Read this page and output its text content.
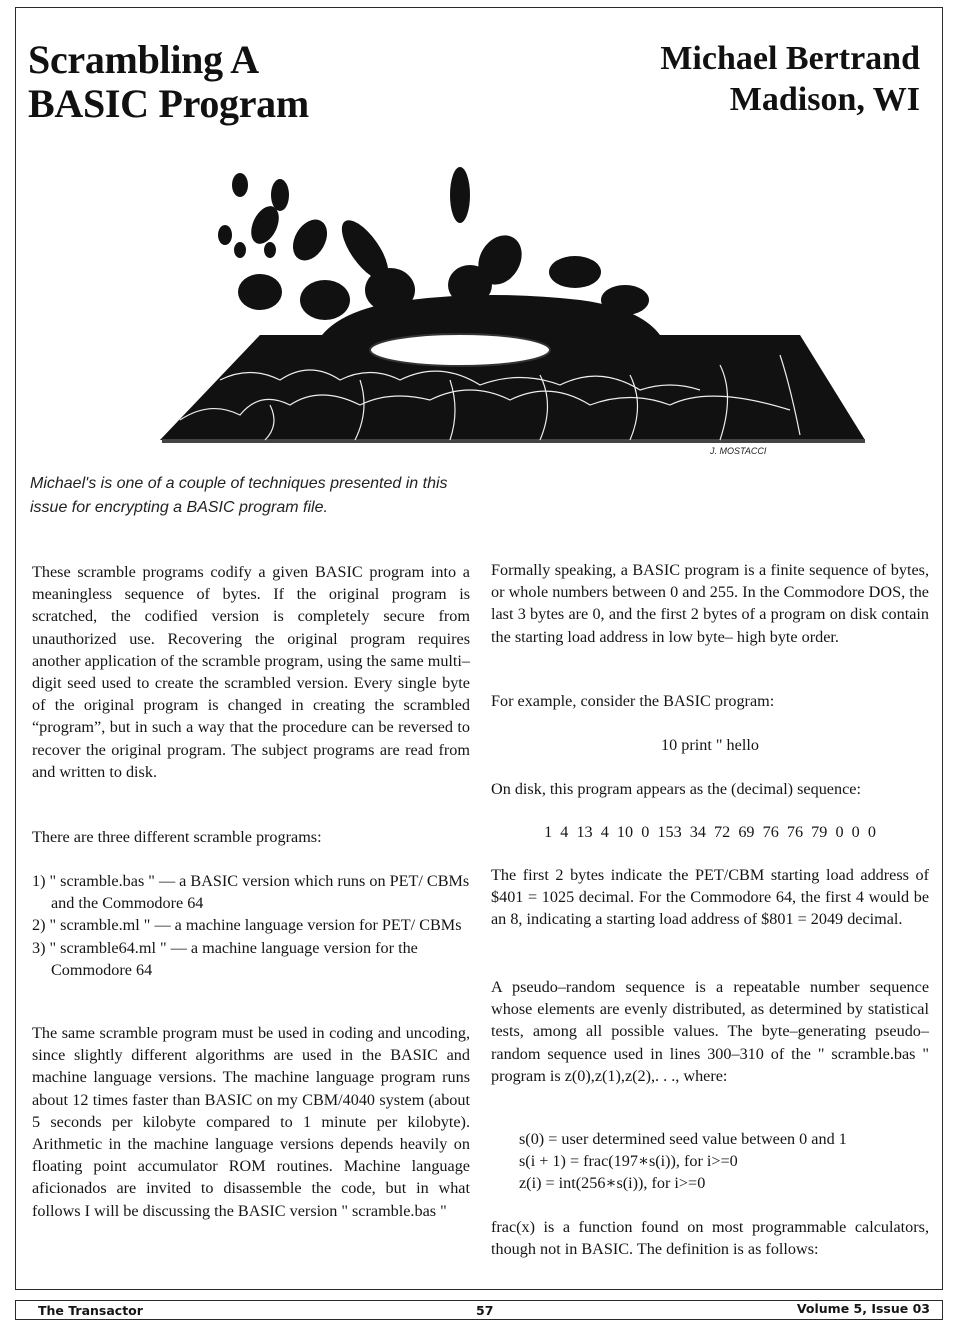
Scrambling A
BASIC Program
Michael Bertrand
Madison, WI
J. MOSTACCI
Michael's is one of a couple of techniques presented in this
issue for encrypting a BASIC program file.

These scramble programs codify a given BASIC program into a meaningless sequence of bytes. If the original program is scratched, the codified version is completely secure from unauthorized use. Recovering the original program requires another application of the scramble program, using the same multi–digit seed used to create the scrambled version. Every single byte of the original program is changed in creating the scrambled “program”, but in such a way that the procedure can be reversed to recover the original program. The subject programs are read from and written to disk.

There are three different scramble programs:

1) " scramble.bas " — a BASIC version which runs on PET/ CBMs and the Commodore 64

2) " scramble.ml " — a machine language version for PET/ CBMs

3) " scramble64.ml " — a machine language version for the Commodore 64

The same scramble program must be used in coding and uncoding, since slightly different algorithms are used in the BASIC and machine language versions. The machine language program runs about 12 times faster than BASIC on my CBM/4040 system (about 5 seconds per kilobyte compared to 1 minute per kilobyte). Arithmetic in the machine language versions depends heavily on floating point accumulator ROM routines. Machine language aficionados are invited to disassemble the code, but in what follows I will be discussing the BASIC version " scramble.bas "

Formally speaking, a BASIC program is a finite sequence of bytes, or whole numbers between 0 and 255. In the Commodore DOS, the last 3 bytes are 0, and the first 2 bytes of a program on disk contain the starting load address in low byte– high byte order.

For example, consider the BASIC program:

10 print " hello

On disk, this program appears as the (decimal) sequence:

1  4  13  4  10  0  153  34  72  69  76  76  79  0  0  0

The first 2 bytes indicate the PET/CBM starting load address of $401 = 1025 decimal. For the Commodore 64, the first 4 would be an 8, indicating a starting load address of $801 = 2049 decimal.

A pseudo–random sequence is a repeatable number sequence whose elements are evenly distributed, as determined by statistical tests, among all possible values. The byte–generating pseudo–random sequence used in lines 300–310 of the " scramble.bas " program is z(0),z(1),z(2),. . ., where:

s(0) = user determined seed value between 0 and 1

s(i + 1) = frac(197∗s(i)), for i>=0

z(i) = int(256∗s(i)), for i>=0

frac(x) is a function found on most programmable calculators, though not in BASIC. The definition is as follows:

The Transactor	57	Volume 5, Issue 03
